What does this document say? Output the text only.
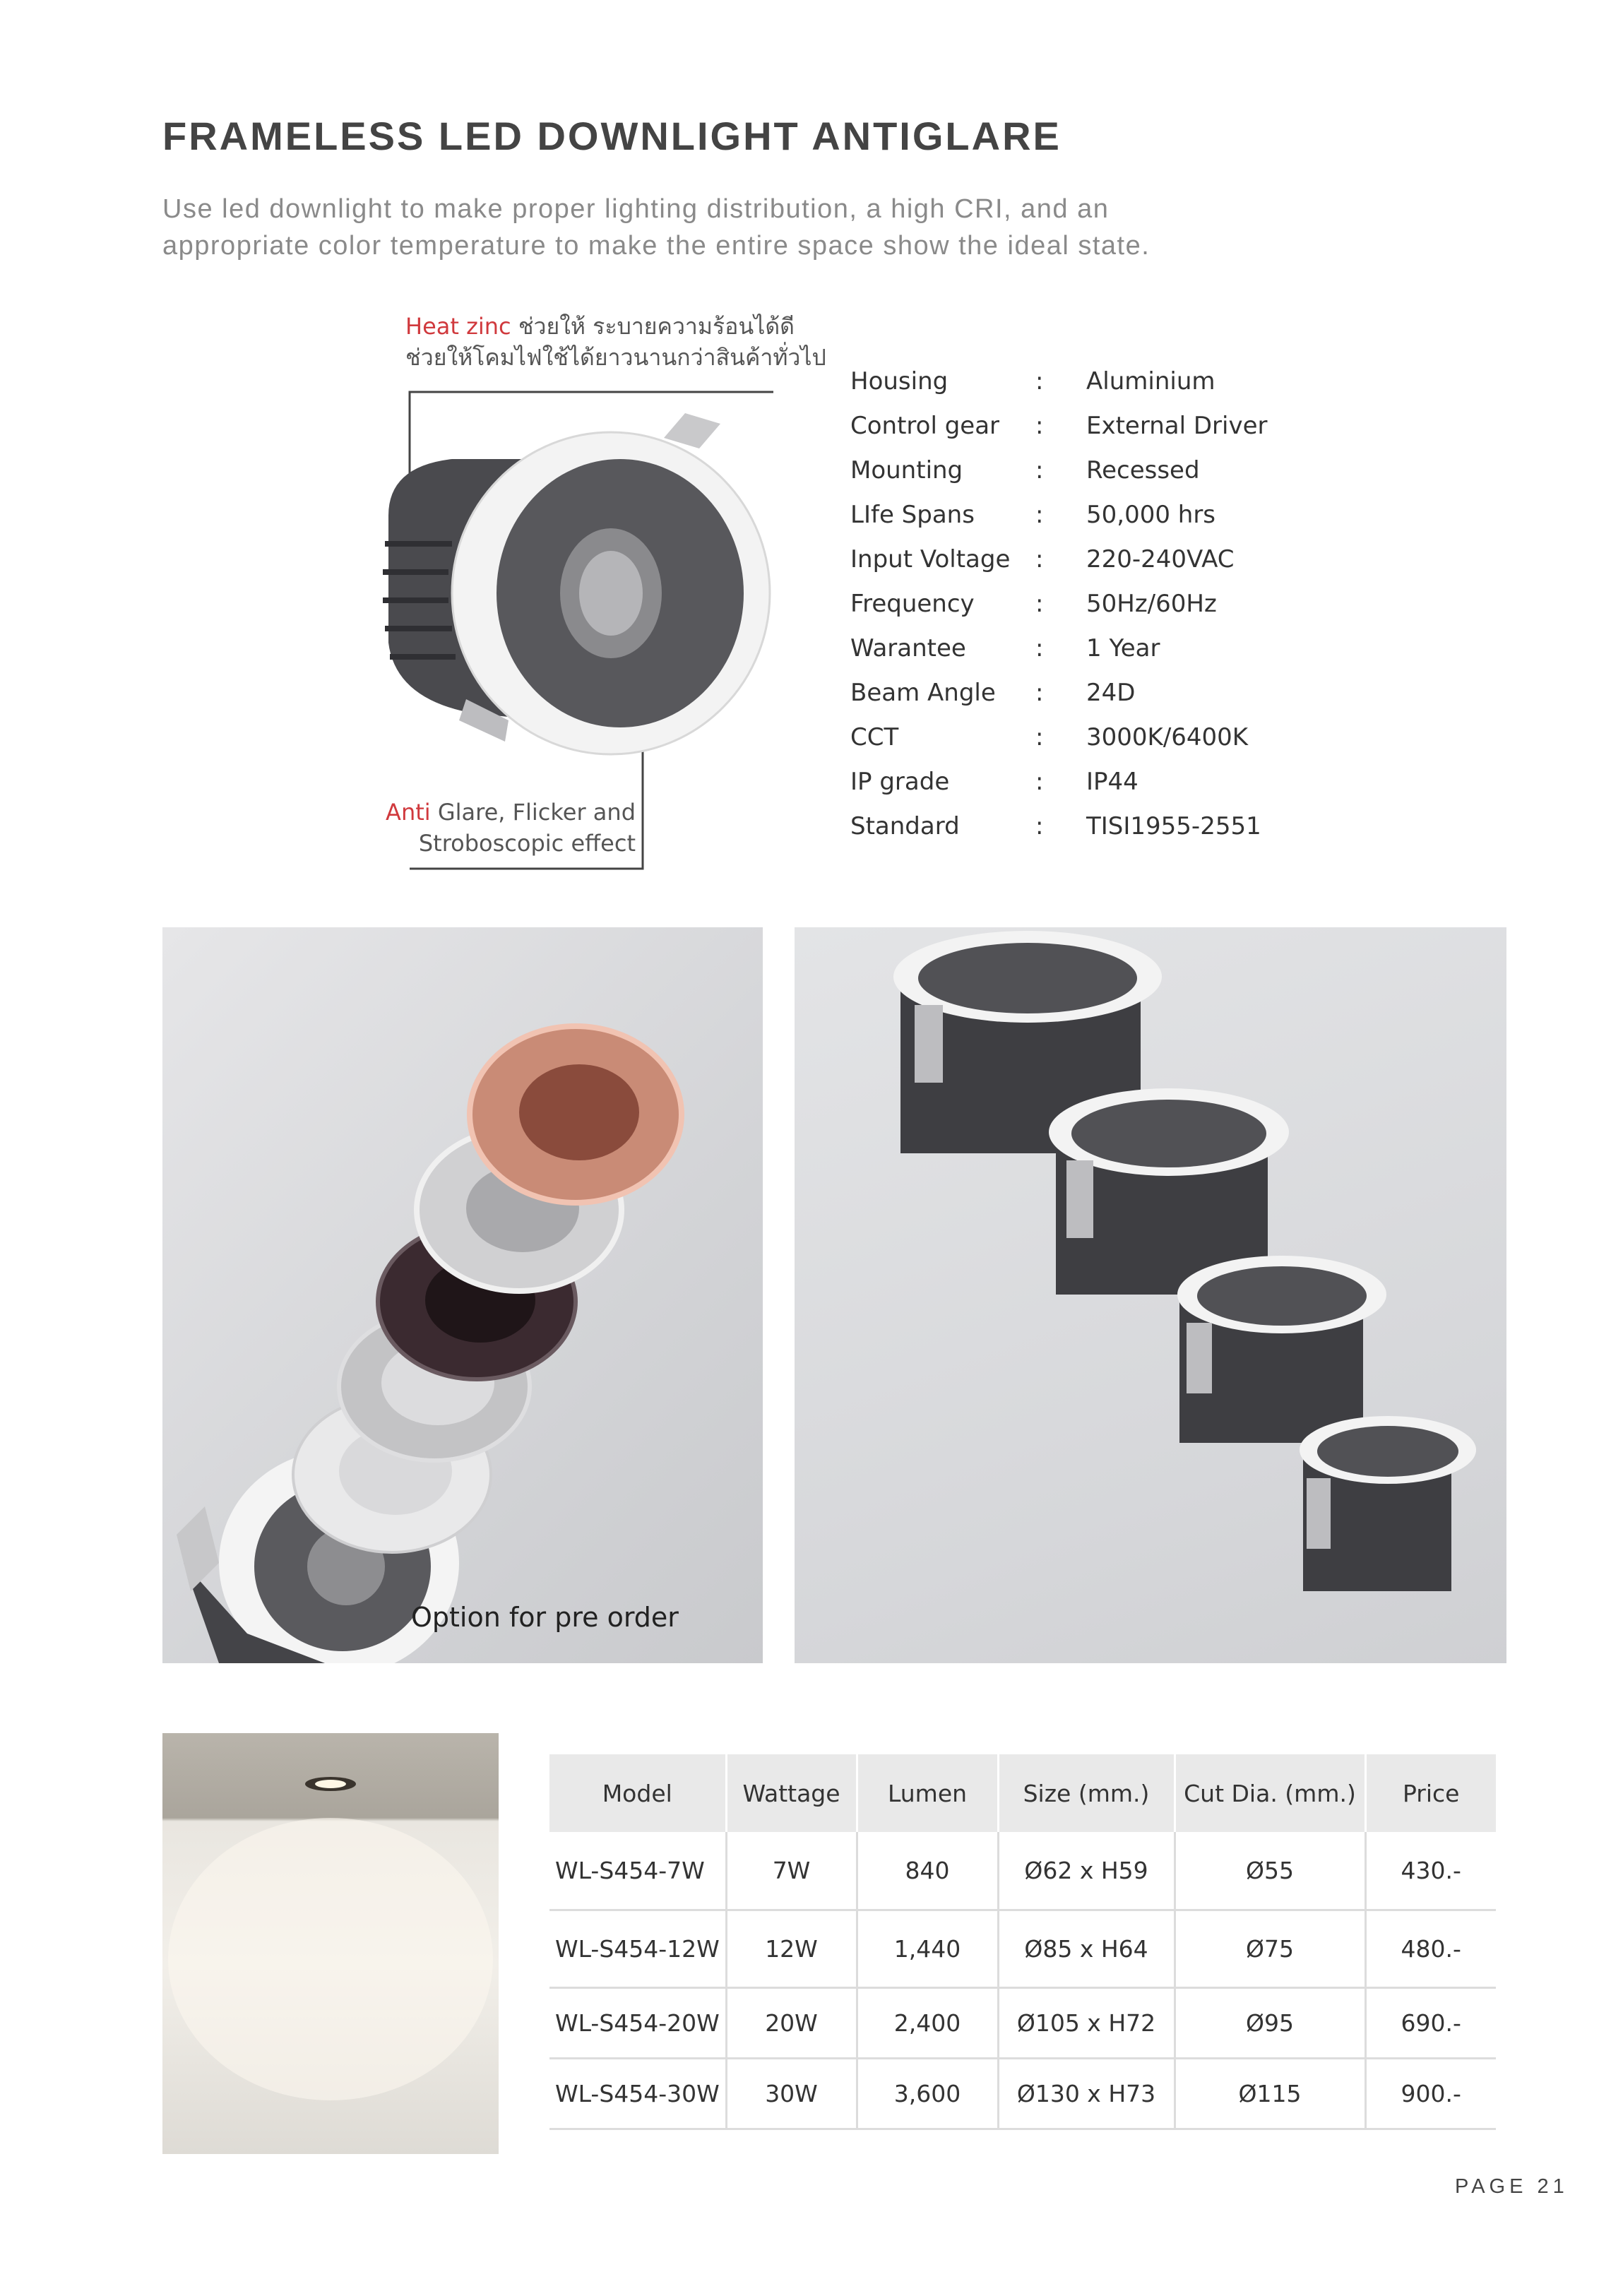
FRAMELESS LED DOWNLIGHT ANTIGLARE
Use led downlight to make proper lighting distribution, a high CRI, and an appropriate color temperature to make the entire space show the ideal state.
Heat zinc ช่วยให้ ระบายความร้อนได้ดี
ช่วยให้โคมไฟใช้ได้ยาวนานกว่าสินค้าทั่วไป
Anti Glare, Flicker and
Stroboscopic effect
Housing	: Aluminium
Control gear : External Driver
Mounting	: Recessed
LIfe Spans	: 50,000 hrs
Input Voltage : 220-240VAC
Frequency	: 50Hz/60Hz
Warantee	: 1 Year
Beam Angle : 24D
CCT	: 3000K/6400K
IP grade	: IP44
Standard	: TISI1955-2551
Option for pre order
Model	Wattage	Lumen	Size (mm.)	Cut Dia. (mm.)	Price
WL-S454-7W	7W	840	Ø62 x H59	Ø55	430.-
WL-S454-12W	12W	1,440	Ø85 x H64	Ø75	480.-
WL-S454-20W	20W	2,400	Ø105 x H72	Ø95	690.-
WL-S454-30W	30W	3,600	Ø130 x H73	Ø115	900.-
PAGE 21
